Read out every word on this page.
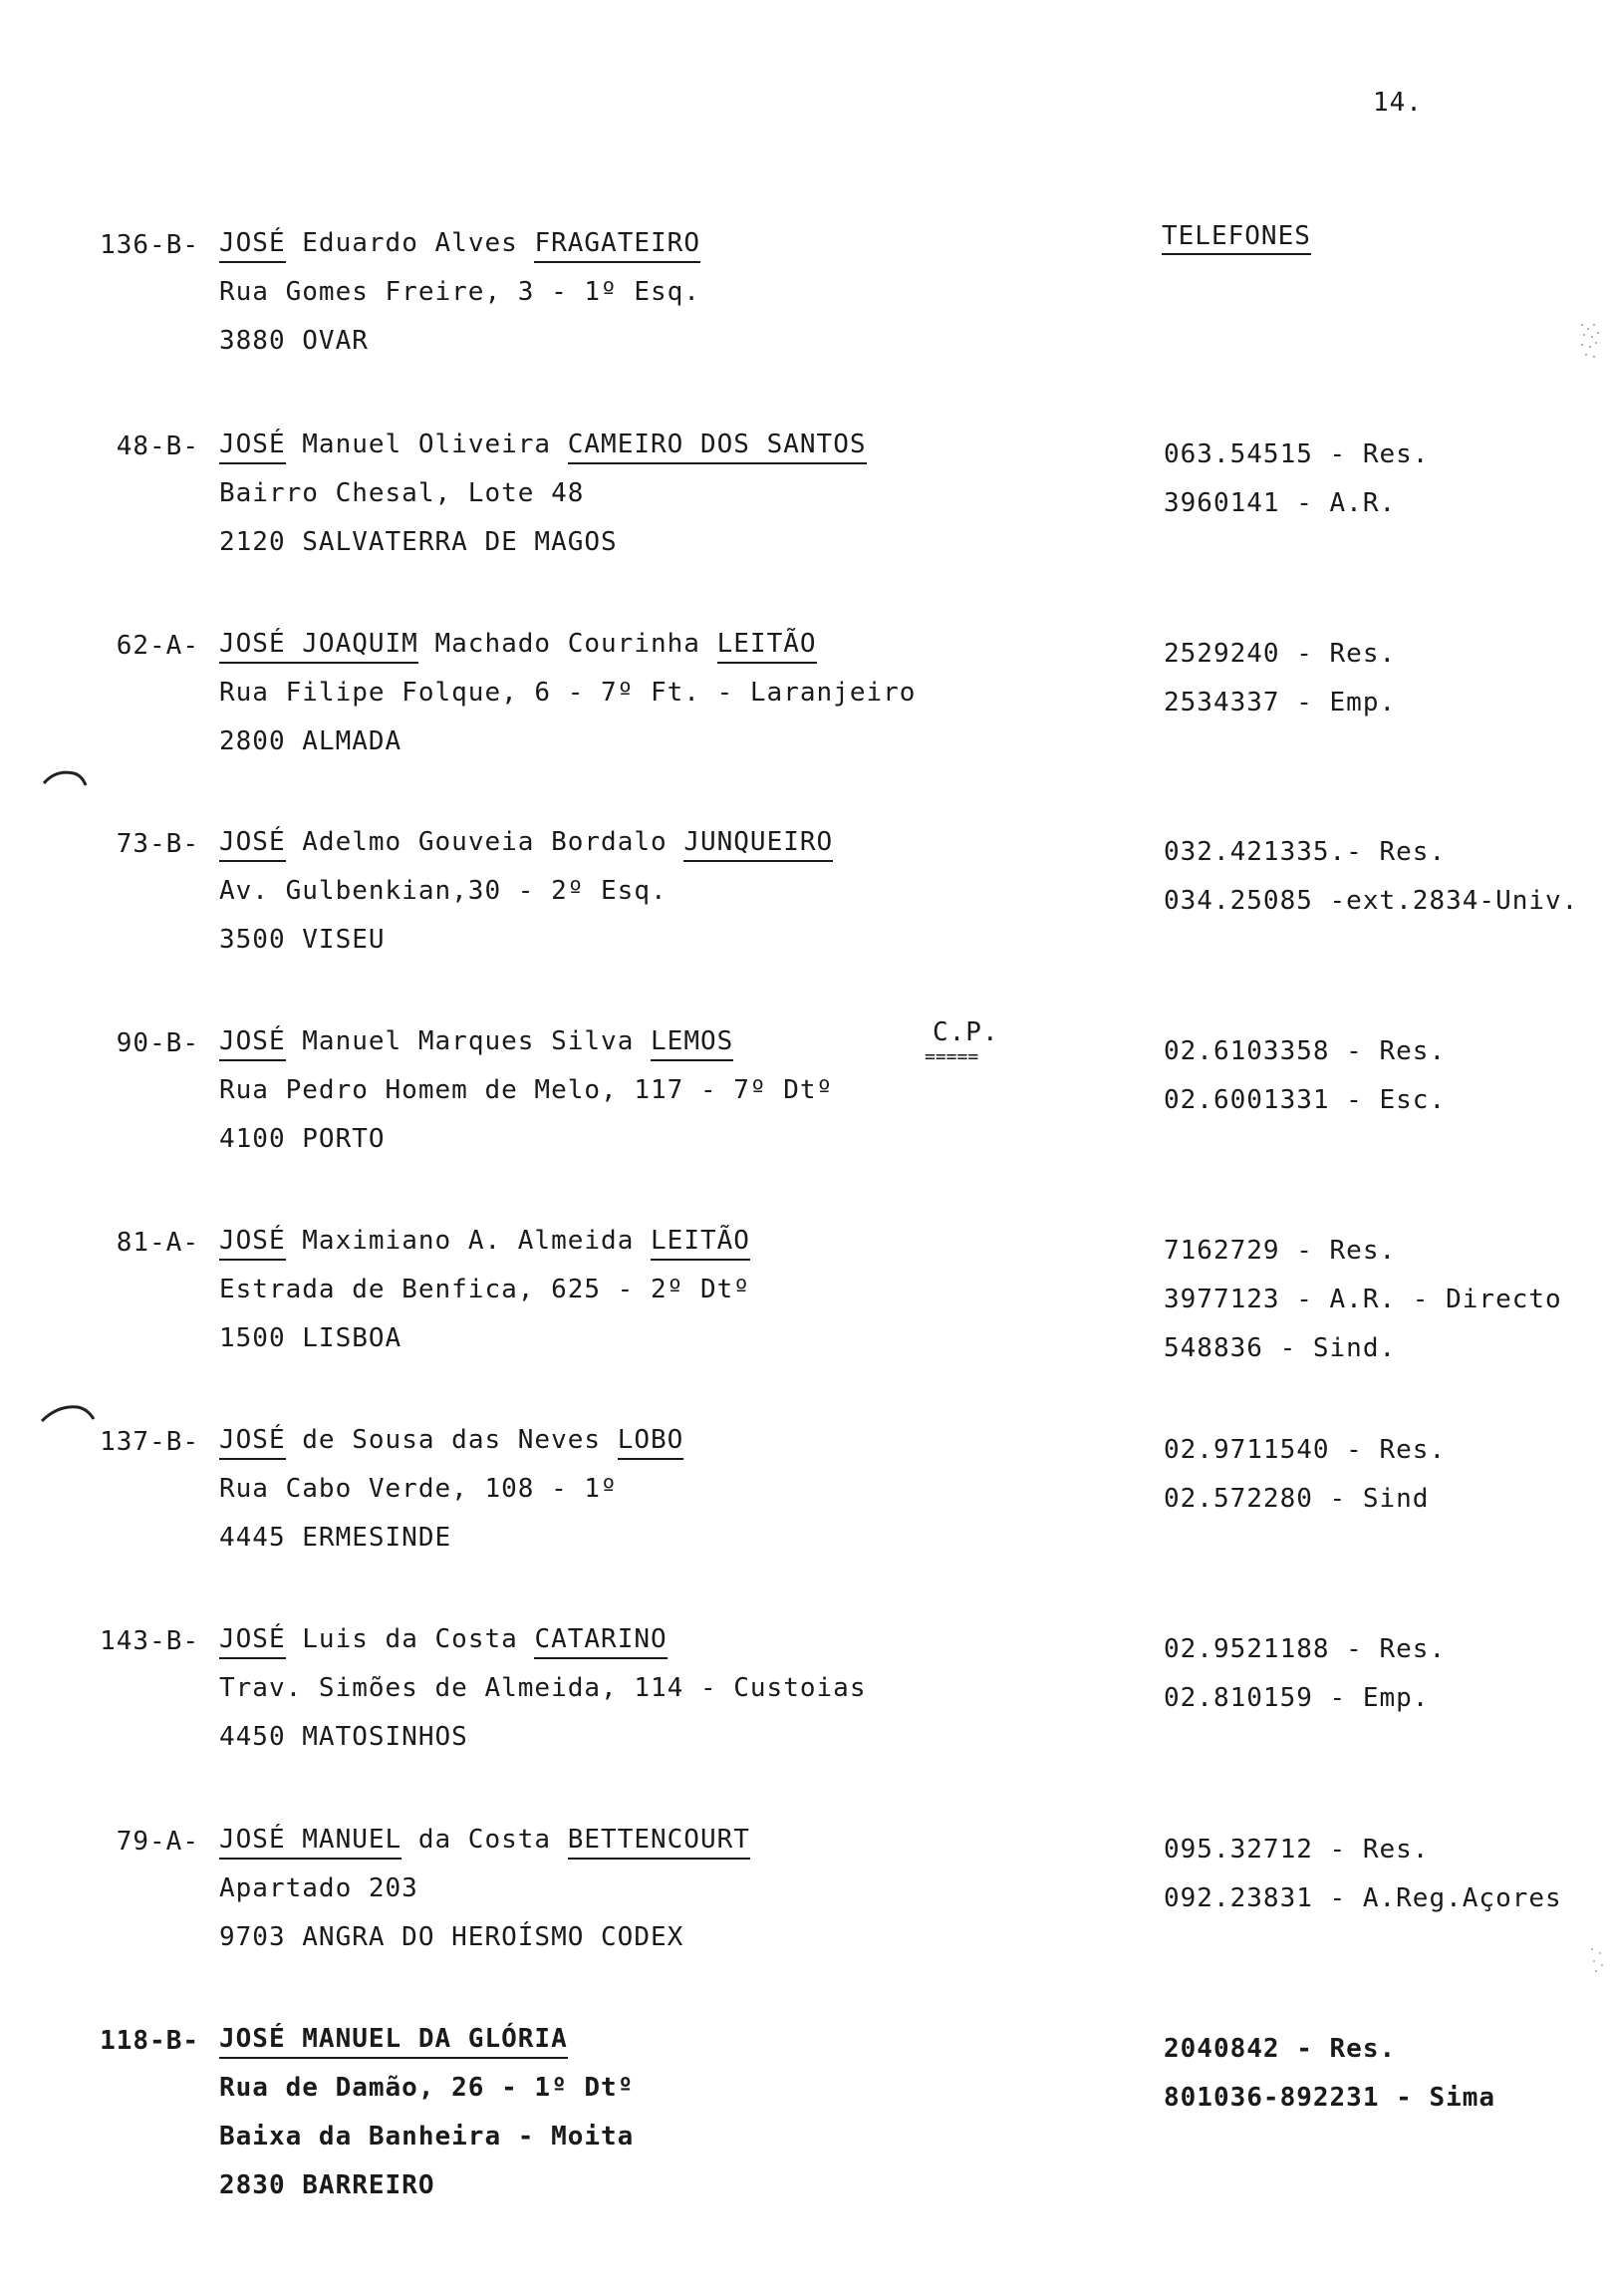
14.
TELEFONES
136-B- JOSÉ Eduardo Alves FRAGATEIRO
Rua Gomes Freire, 3 - 1º Esq.
3880 OVAR
48-B- JOSÉ Manuel Oliveira CAMEIRO DOS SANTOS
Bairro Chesal, Lote 48
2120 SALVATERRA DE MAGOS
063.54515 - Res.
3960141 - A.R.
62-A- JOSÉ JOAQUIM Machado Courinha LEITÃO
Rua Filipe Folque, 6 - 7º Ft. - Laranjeiro
2800 ALMADA
2529240 - Res.
2534337 - Emp.
73-B- JOSÉ Adelmo Gouveia Bordalo JUNQUEIRO
Av. Gulbenkian,30 - 2º Esq.
3500 VISEU
032.421335.- Res.
034.25085 -ext.2834-Univ.
90-B- JOSÉ Manuel Marques Silva LEMOS
Rua Pedro Homem de Melo, 117 - 7º Dtº
4100 PORTO
C.P.
=====	02.6103358 - Res.
02.6001331 - Esc.
81-A- JOSÉ Maximiano A. Almeida LEITÃO
Estrada de Benfica, 625 - 2º Dtº
1500 LISBOA
7162729 - Res.
3977123 - A.R. - Directo
548836 - Sind.
137-B- JOSÉ de Sousa das Neves LOBO
Rua Cabo Verde, 108 - 1º
4445 ERMESINDE
02.9711540 - Res.
02.572280 - Sind
143-B- JOSÉ Luis da Costa CATARINO
Trav. Simões de Almeida, 114 - Custoias
4450 MATOSINHOS
02.9521188 - Res.
02.810159 - Emp.
79-A- JOSÉ MANUEL da Costa BETTENCOURT
Apartado 203
9703 ANGRA DO HEROÍSMO CODEX
095.32712 - Res.
092.23831 - A.Reg.Açores
118-B- JOSÉ MANUEL DA GLÓRIA
Rua de Damão, 26 - 1º Dtº
Baixa da Banheira - Moita
2830 BARREIRO
2040842 - Res.
801036-892231 - Sima
